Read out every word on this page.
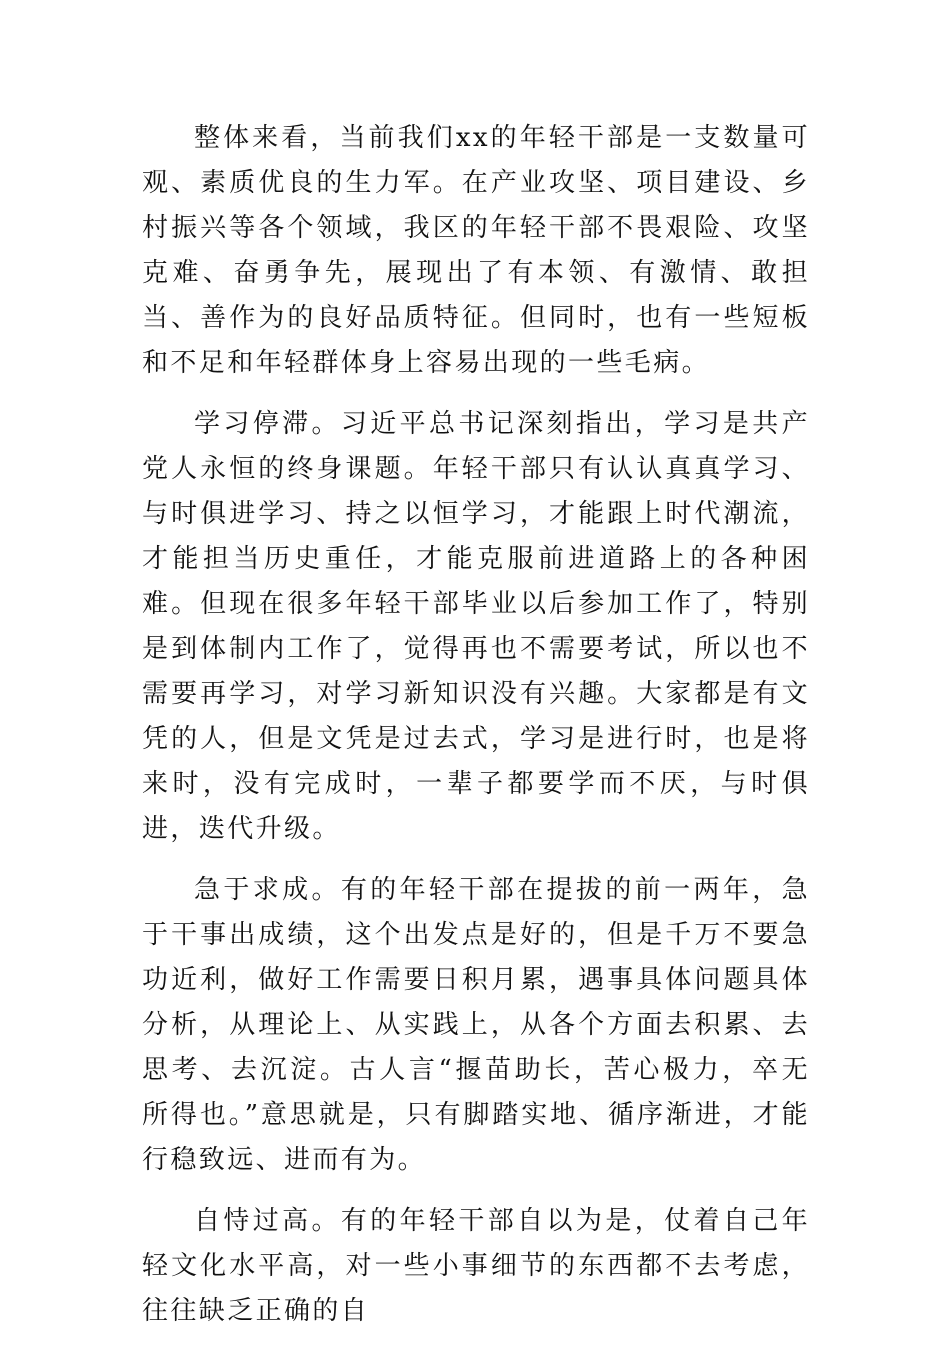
整体来看，当前我们xx的年轻干部是一支数量可观、素质优良的生力军。在产业攻坚、项目建设、乡村振兴等各个领域，我区的年轻干部不畏艰险、攻坚克难、奋勇争先，展现出了有本领、有激情、敢担当、善作为的良好品质特征。但同时，也有一些短板和不足和年轻群体身上容易出现的一些毛病。

学习停滞。习近平总书记深刻指出，学习是共产党人永恒的终身课题。年轻干部只有认认真真学习、与时俱进学习、持之以恒学习，才能跟上时代潮流，才能担当历史重任，才能克服前进道路上的各种困难。但现在很多年轻干部毕业以后参加工作了，特别是到体制内工作了，觉得再也不需要考试，所以也不需要再学习，对学习新知识没有兴趣。大家都是有文凭的人，但是文凭是过去式，学习是进行时，也是将来时，没有完成时，一辈子都要学而不厌，与时俱进，迭代升级。

急于求成。有的年轻干部在提拔的前一两年，急于干事出成绩，这个出发点是好的，但是千万不要急功近利，做好工作需要日积月累，遇事具体问题具体分析，从理论上、从实践上，从各个方面去积累、去思考、去沉淀。古人言“揠苗助长，苦心极力，卒无所得也。”意思就是，只有脚踏实地、循序渐进，才能行稳致远、进而有为。

自恃过高。有的年轻干部自以为是，仗着自己年轻文化水平高，对一些小事细节的东西都不去考虑，往往缺乏正确的自
